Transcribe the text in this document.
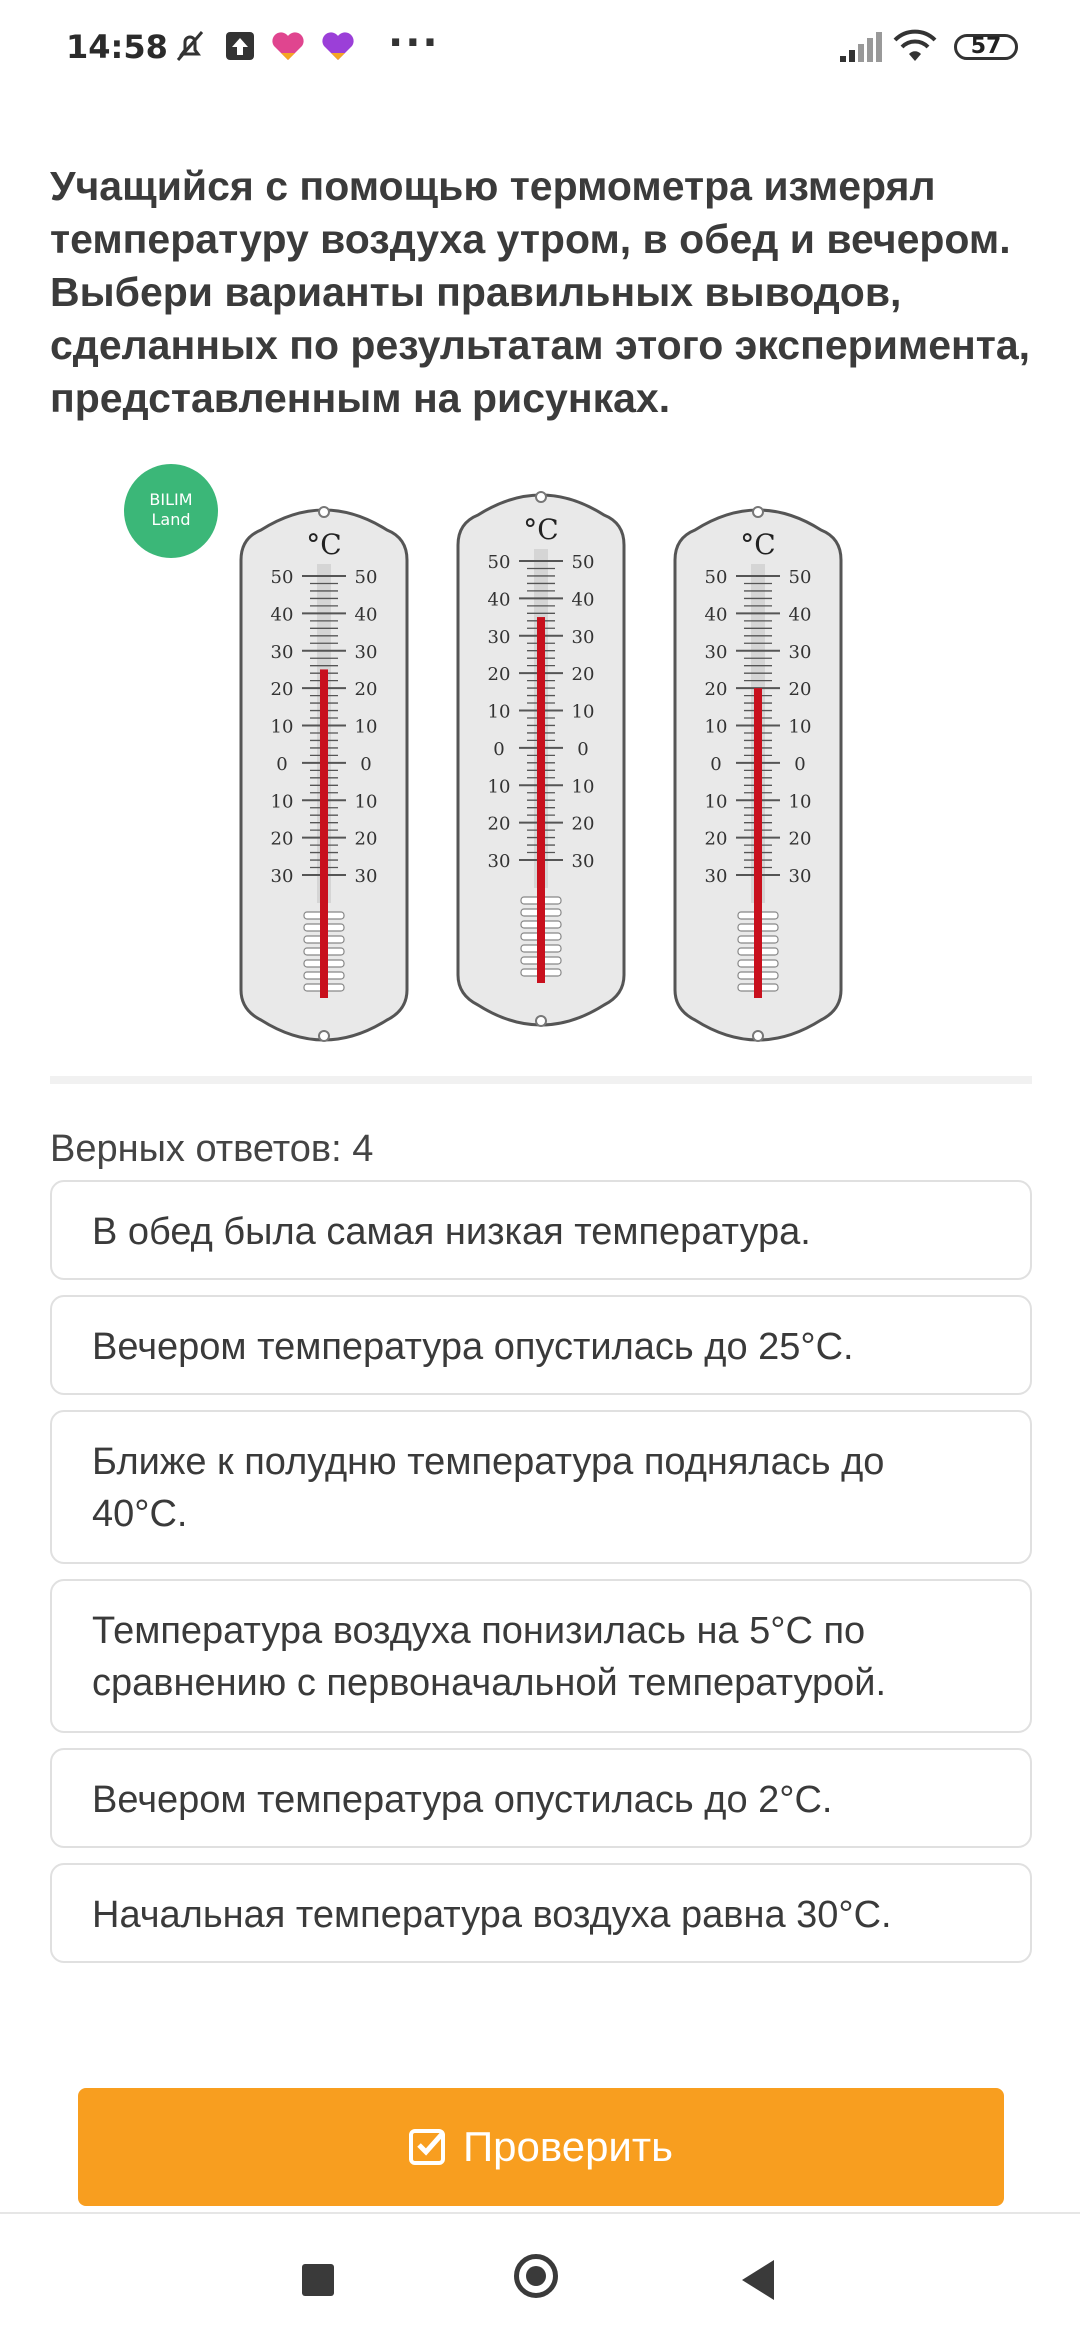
14:58	···	57
Учащийся с помощью термометра измерял температуру воздуха утром, в обед и вечером. Выбери варианты правильных выводов, сделанных по результатам этого эксперимента, представленным на рисунках.
BILIM
Land
°C
50	50
40	40
30	30
20	20
10	10
0	0
10	10
20	20
30	30
°C
50	50
40	40
30	30
20	20
10	10
0	0
10	10
20	20
30	30
°C
50	50
40	40
30	30
20	20
10	10
0	0
10	10
20	20
30	30
Верных ответов: 4
В обед была самая низкая температура.
Вечером температура опустилась до 25°C.
Ближе к полудню температура поднялась до 40°C.
Температура воздуха понизилась на 5°C по сравнению с первоначальной температурой.
Вечером температура опустилась до 2°C.
Начальная температура воздуха равна 30°C.
Проверить
